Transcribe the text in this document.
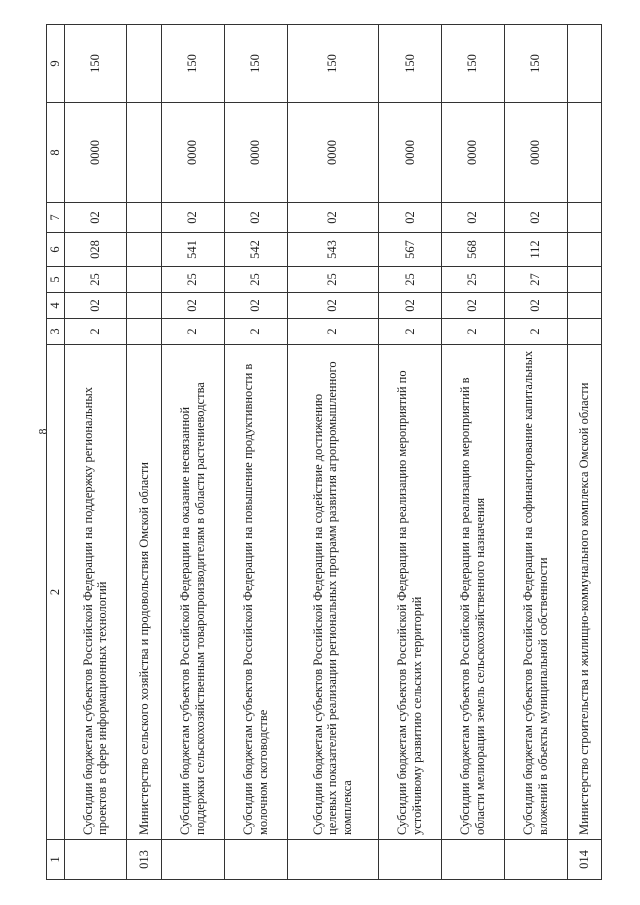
8
1	2	3	4	5	6	7	8	9
	Субсидии бюджетам субъектов Российской Федерации на поддержку региональных проектов в сфере информационных технологий	2	02	25	028	02	0000	150
013	Министерство сельского хозяйства и продовольствия Омской области							
	Субсидии бюджетам субъектов Российской Федерации на оказание несвязанной поддержки сельскохозяйственным товаропроизводителям в области растениеводства	2	02	25	541	02	0000	150
	Субсидии бюджетам субъектов Российской Федерации на повышение продуктивности в молочном скотоводстве	2	02	25	542	02	0000	150
	Субсидии бюджетам субъектов Российской Федерации на содействие достижению целевых показателей реализации региональных программ развития агропромышленного комплекса	2	02	25	543	02	0000	150
	Субсидии бюджетам субъектов Российской Федерации на реализацию мероприятий по устойчивому развитию сельских территорий	2	02	25	567	02	0000	150
	Субсидии бюджетам субъектов Российской Федерации на реализацию мероприятий в области мелиорации земель сельскохозяйственного назначения	2	02	25	568	02	0000	150
	Субсидии бюджетам субъектов Российской Федерации на софинансирование капитальных вложений в объекты муниципальной собственности	2	02	27	112	02	0000	150
014	Министерство строительства и жилищно-коммунального комплекса Омской области							
